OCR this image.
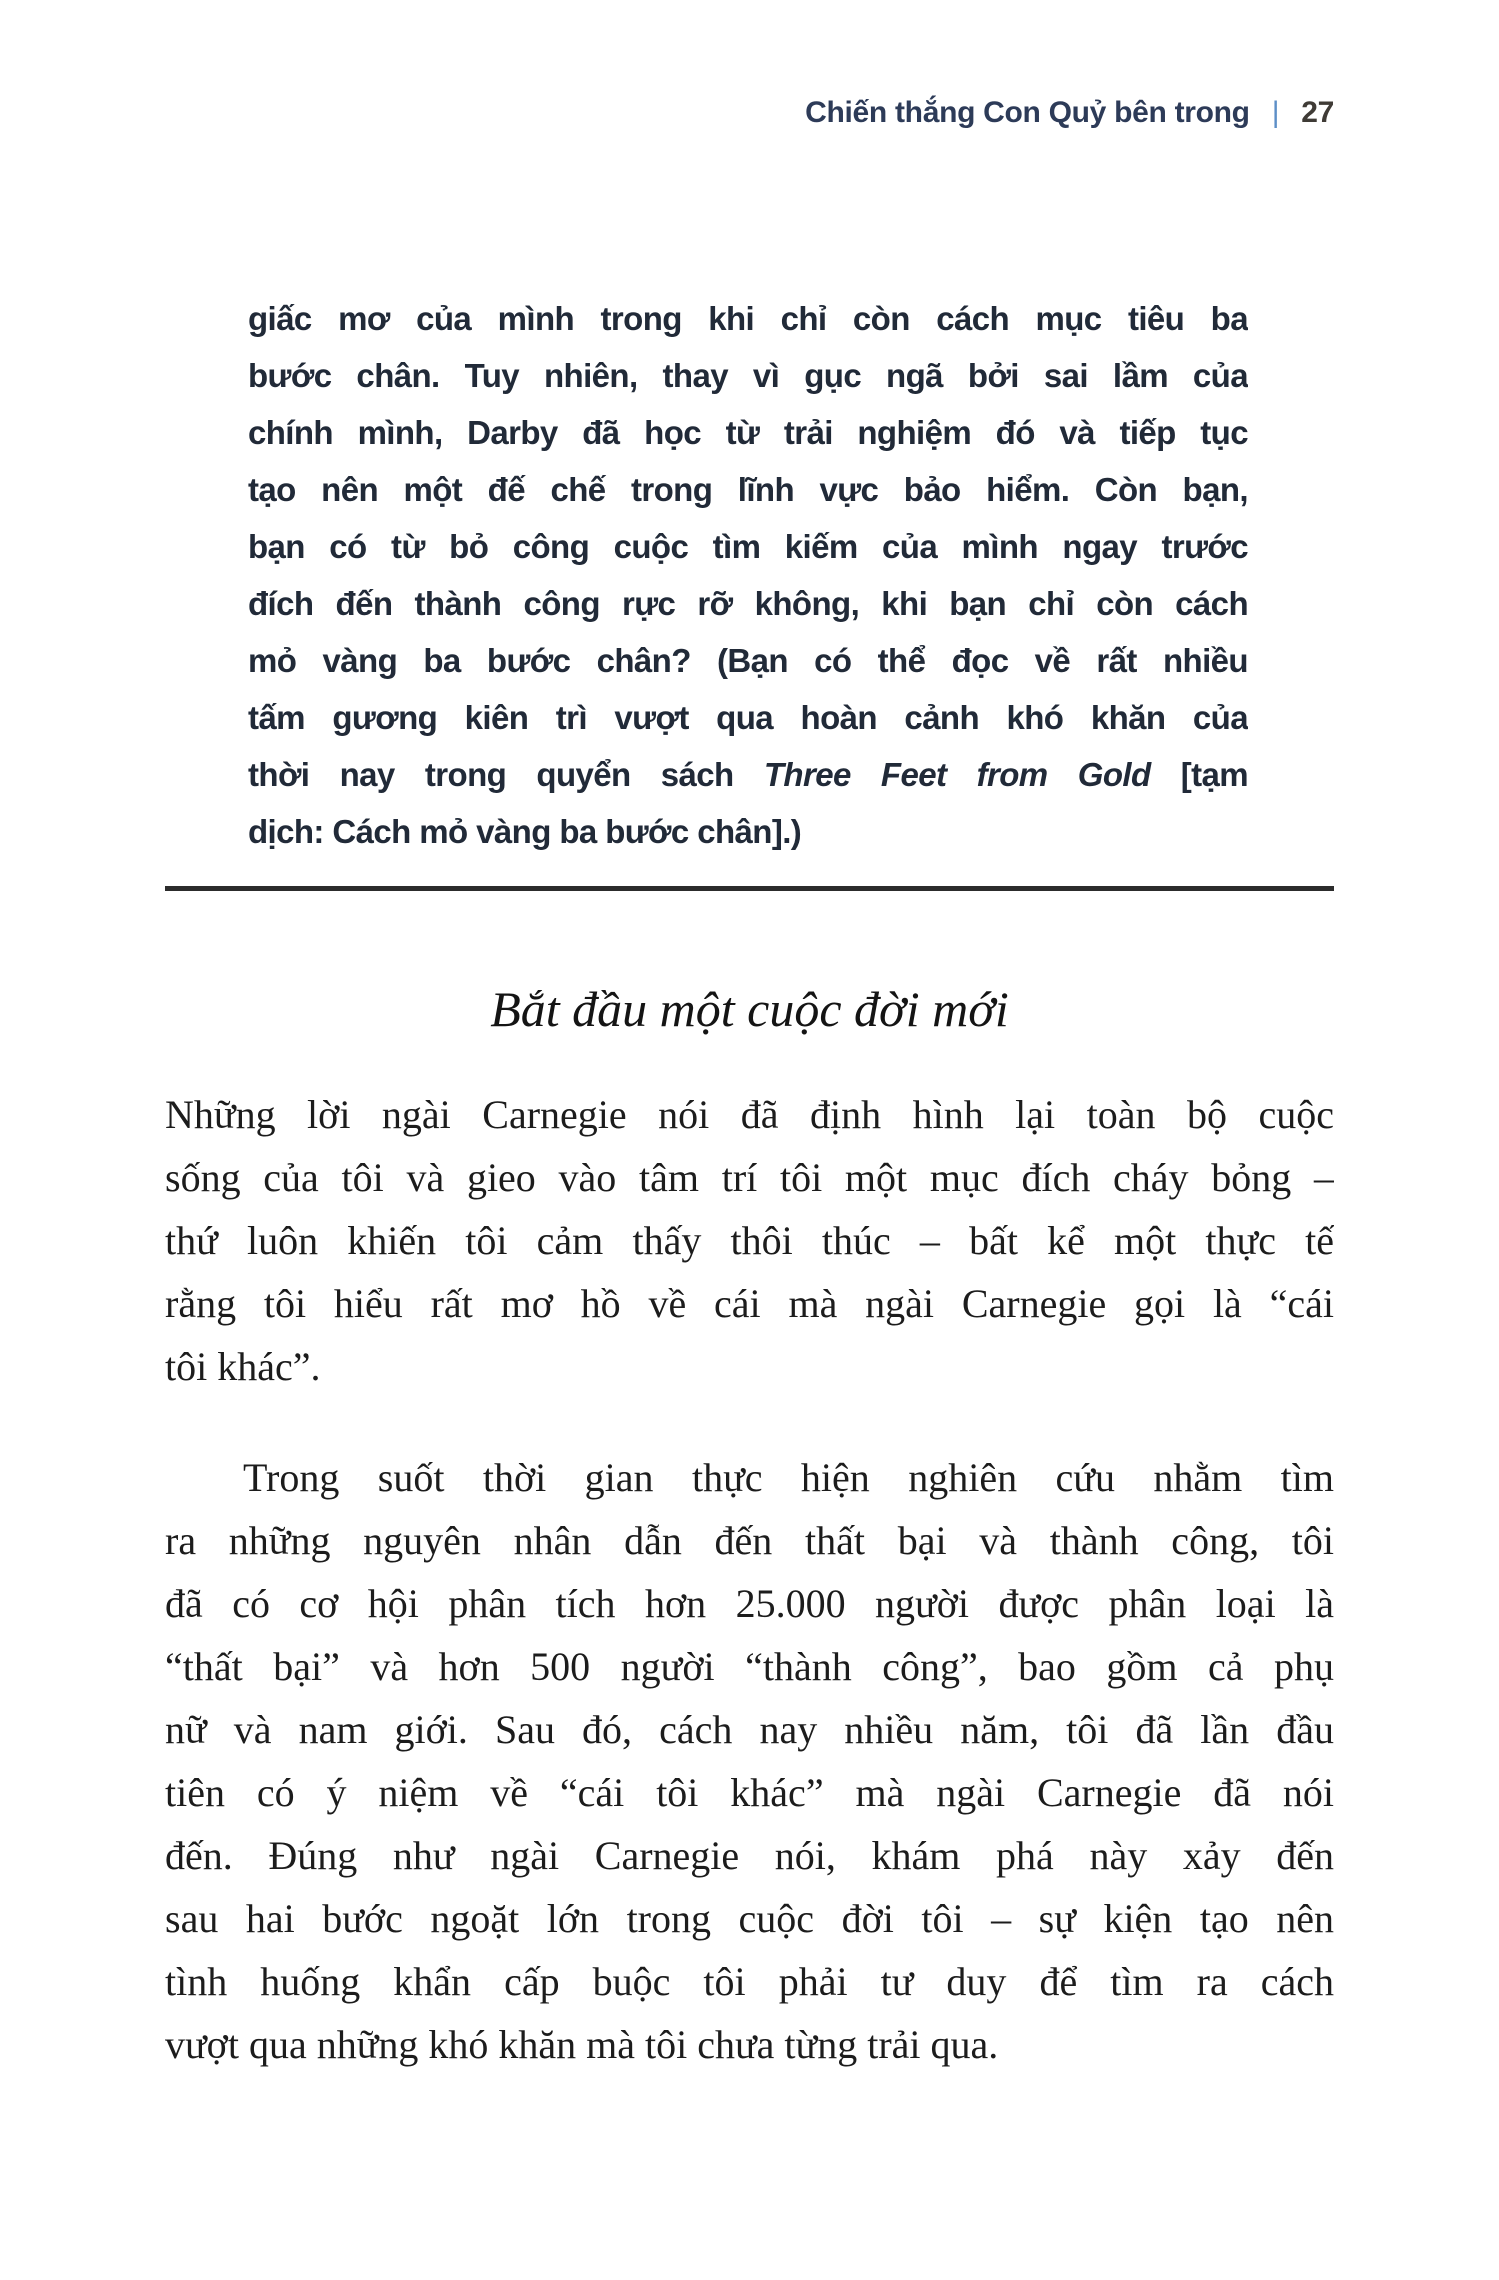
Chiến thắng Con Quỷ bên trong | 27
giấc mơ của mình trong khi chỉ còn cách mục tiêu ba
bước chân. Tuy nhiên, thay vì gục ngã bởi sai lầm của
chính mình, Darby đã học từ trải nghiệm đó và tiếp tục
tạo nên một đế chế trong lĩnh vực bảo hiểm. Còn bạn,
bạn có từ bỏ công cuộc tìm kiếm của mình ngay trước
đích đến thành công rực rỡ không, khi bạn chỉ còn cách
mỏ vàng ba bước chân? (Bạn có thể đọc về rất nhiều
tấm gương kiên trì vượt qua hoàn cảnh khó khăn của
thời nay trong quyển sách Three Feet from Gold [tạm
dịch: Cách mỏ vàng ba bước chân].)
Bắt đầu một cuộc đời mới
Những lời ngài Carnegie nói đã định hình lại toàn bộ cuộc
sống của tôi và gieo vào tâm trí tôi một mục đích cháy bỏng –
thứ luôn khiến tôi cảm thấy thôi thúc – bất kể một thực tế
rằng tôi hiểu rất mơ hồ về cái mà ngài Carnegie gọi là “cái
tôi khác”.
Trong suốt thời gian thực hiện nghiên cứu nhằm tìm
ra những nguyên nhân dẫn đến thất bại và thành công, tôi
đã có cơ hội phân tích hơn 25.000 người được phân loại là
“thất bại” và hơn 500 người “thành công”, bao gồm cả phụ
nữ và nam giới. Sau đó, cách nay nhiều năm, tôi đã lần đầu
tiên có ý niệm về “cái tôi khác” mà ngài Carnegie đã nói
đến. Đúng như ngài Carnegie nói, khám phá này xảy đến
sau hai bước ngoặt lớn trong cuộc đời tôi – sự kiện tạo nên
tình huống khẩn cấp buộc tôi phải tư duy để tìm ra cách
vượt qua những khó khăn mà tôi chưa từng trải qua.
